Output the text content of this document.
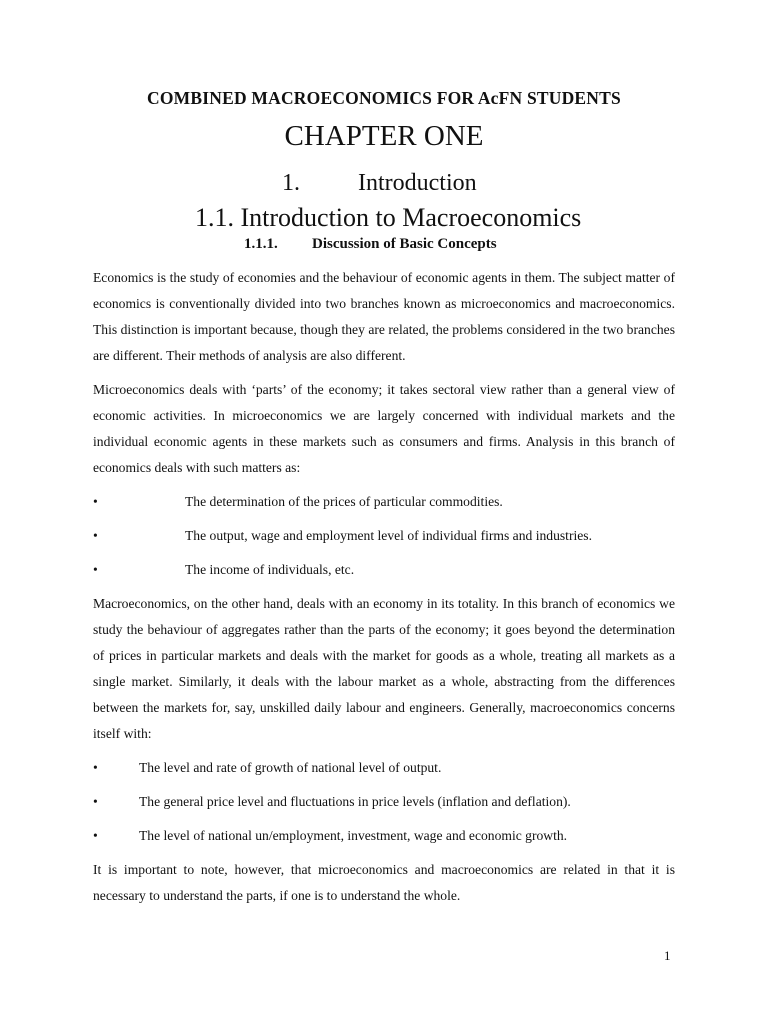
COMBINED MACROECONOMICS FOR AcFN STUDENTS
CHAPTER ONE
1. Introduction
1.1. Introduction to Macroeconomics
1.1.1. Discussion of Basic Concepts

Economics is the study of economies and the behaviour of economic agents in them. The subject matter of economics is conventionally divided into two branches known as microeconomics and macroeconomics. This distinction is important because, though they are related, the problems considered in the two branches are different. Their methods of analysis are also different.

Microeconomics deals with ‘parts’ of the economy; it takes sectoral view rather than a general view of economic activities. In microeconomics we are largely concerned with individual markets and the individual economic agents in these markets such as consumers and firms. Analysis in this branch of economics deals with such matters as:

•	The determination of the prices of particular commodities.
•	The output, wage and employment level of individual firms and industries.
•	The income of individuals, etc.

Macroeconomics, on the other hand, deals with an economy in its totality. In this branch of economics we study the behaviour of aggregates rather than the parts of the economy; it goes beyond the determination of prices in particular markets and deals with the market for goods as a whole, treating all markets as a single market. Similarly, it deals with the labour market as a whole, abstracting from the differences between the markets for, say, unskilled daily labour and engineers. Generally, macroeconomics concerns itself with:

•	The level and rate of growth of national level of output.
•	The general price level and fluctuations in price levels (inflation and deflation).
•	The level of national un/employment, investment, wage and economic growth.

It is important to note, however, that microeconomics and macroeconomics are related in that it is necessary to understand the parts, if one is to understand the whole.

1
